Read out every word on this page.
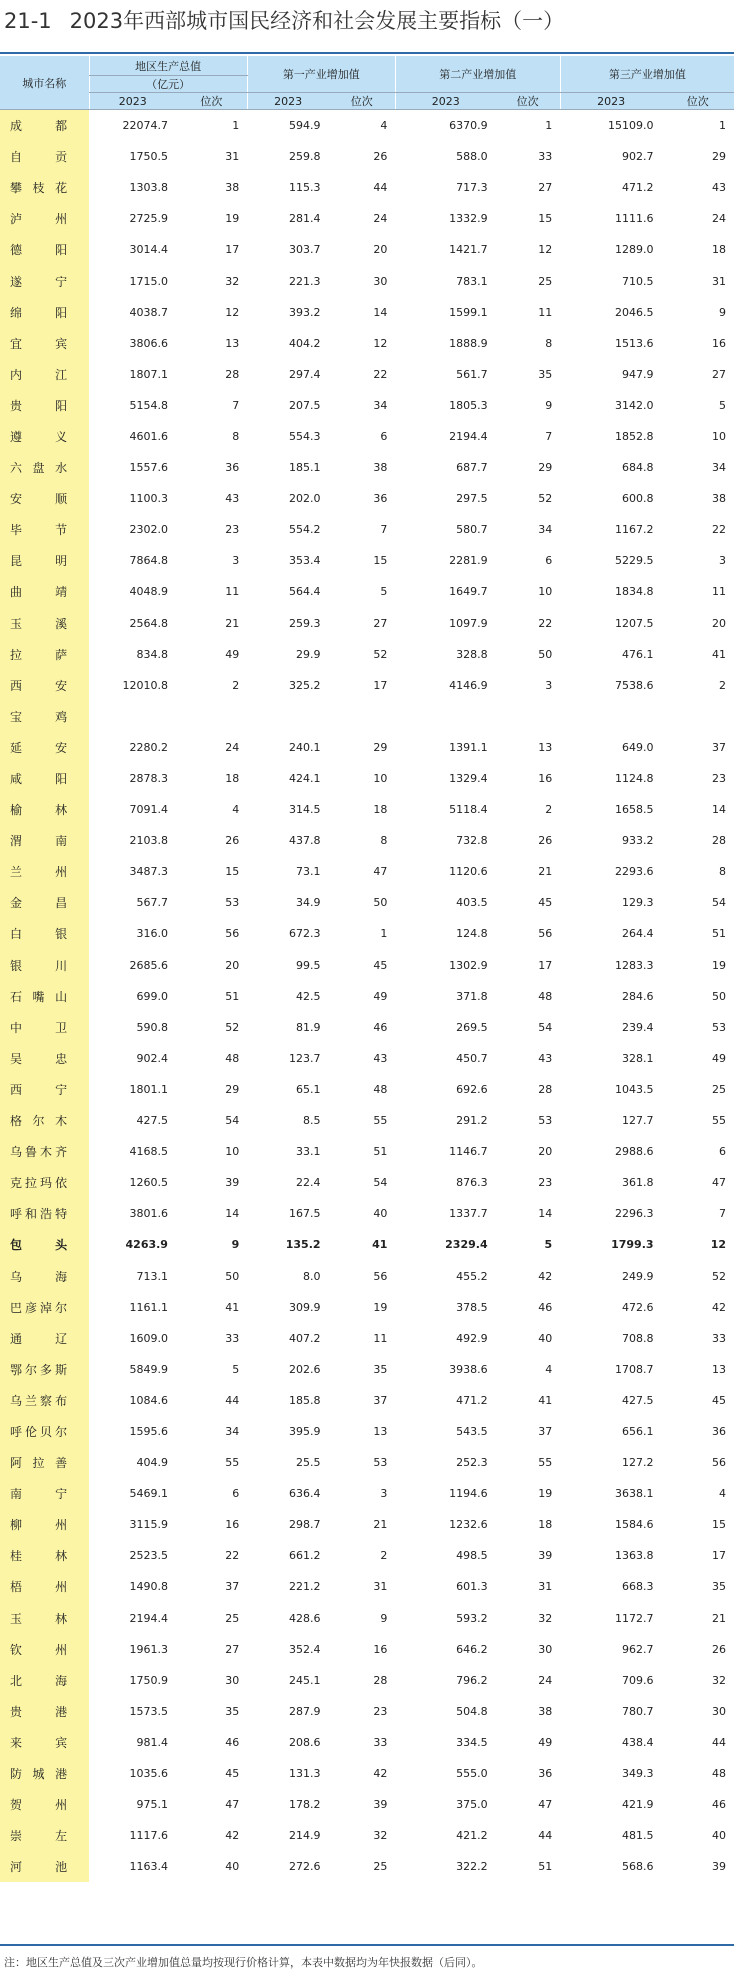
21-1 2023年西部城市国民经济和社会发展主要指标（一）
城市名称	地区生产总值		第一产业增加值		第二产业增加值		第三产业增加值	
	（亿元）							
	2023	位次	2023	位次	2023	位次	2023	位次
成都	22074.7	1	594.9	4	6370.9	1	15109.0	1
自贡	1750.5	31	259.8	26	588.0	33	902.7	29
攀枝花	1303.8	38	115.3	44	717.3	27	471.2	43
泸州	2725.9	19	281.4	24	1332.9	15	1111.6	24
德阳	3014.4	17	303.7	20	1421.7	12	1289.0	18
遂宁	1715.0	32	221.3	30	783.1	25	710.5	31
绵阳	4038.7	12	393.2	14	1599.1	11	2046.5	9
宜宾	3806.6	13	404.2	12	1888.9	8	1513.6	16
内江	1807.1	28	297.4	22	561.7	35	947.9	27
贵阳	5154.8	7	207.5	34	1805.3	9	3142.0	5
遵义	4601.6	8	554.3	6	2194.4	7	1852.8	10
六盘水	1557.6	36	185.1	38	687.7	29	684.8	34
安顺	1100.3	43	202.0	36	297.5	52	600.8	38
毕节	2302.0	23	554.2	7	580.7	34	1167.2	22
昆明	7864.8	3	353.4	15	2281.9	6	5229.5	3
曲靖	4048.9	11	564.4	5	1649.7	10	1834.8	11
玉溪	2564.8	21	259.3	27	1097.9	22	1207.5	20
拉萨	834.8	49	29.9	52	328.8	50	476.1	41
西安	12010.8	2	325.2	17	4146.9	3	7538.6	2
宝鸡								
延安	2280.2	24	240.1	29	1391.1	13	649.0	37
咸阳	2878.3	18	424.1	10	1329.4	16	1124.8	23
榆林	7091.4	4	314.5	18	5118.4	2	1658.5	14
渭南	2103.8	26	437.8	8	732.8	26	933.2	28
兰州	3487.3	15	73.1	47	1120.6	21	2293.6	8
金昌	567.7	53	34.9	50	403.5	45	129.3	54
白银	316.0	56	672.3	1	124.8	56	264.4	51
银川	2685.6	20	99.5	45	1302.9	17	1283.3	19
石嘴山	699.0	51	42.5	49	371.8	48	284.6	50
中卫	590.8	52	81.9	46	269.5	54	239.4	53
吴忠	902.4	48	123.7	43	450.7	43	328.1	49
西宁	1801.1	29	65.1	48	692.6	28	1043.5	25
格尔木	427.5	54	8.5	55	291.2	53	127.7	55
乌鲁木齐	4168.5	10	33.1	51	1146.7	20	2988.6	6
克拉玛依	1260.5	39	22.4	54	876.3	23	361.8	47
呼和浩特	3801.6	14	167.5	40	1337.7	14	2296.3	7
包头	4263.9	9	135.2	41	2329.4	5	1799.3	12
乌海	713.1	50	8.0	56	455.2	42	249.9	52
巴彦淖尔	1161.1	41	309.9	19	378.5	46	472.6	42
通辽	1609.0	33	407.2	11	492.9	40	708.8	33
鄂尔多斯	5849.9	5	202.6	35	3938.6	4	1708.7	13
乌兰察布	1084.6	44	185.8	37	471.2	41	427.5	45
呼伦贝尔	1595.6	34	395.9	13	543.5	37	656.1	36
阿拉善	404.9	55	25.5	53	252.3	55	127.2	56
南宁	5469.1	6	636.4	3	1194.6	19	3638.1	4
柳州	3115.9	16	298.7	21	1232.6	18	1584.6	15
桂林	2523.5	22	661.2	2	498.5	39	1363.8	17
梧州	1490.8	37	221.2	31	601.3	31	668.3	35
玉林	2194.4	25	428.6	9	593.2	32	1172.7	21
钦州	1961.3	27	352.4	16	646.2	30	962.7	26
北海	1750.9	30	245.1	28	796.2	24	709.6	32
贵港	1573.5	35	287.9	23	504.8	38	780.7	30
来宾	981.4	46	208.6	33	334.5	49	438.4	44
防城港	1035.6	45	131.3	42	555.0	36	349.3	48
贺州	975.1	47	178.2	39	375.0	47	421.9	46
崇左	1117.6	42	214.9	32	421.2	44	481.5	40
河池	1163.4	40	272.6	25	322.2	51	568.6	39
注：地区生产总值及三次产业增加值总量均按现行价格计算，本表中数据均为年快报数据（后同）。
